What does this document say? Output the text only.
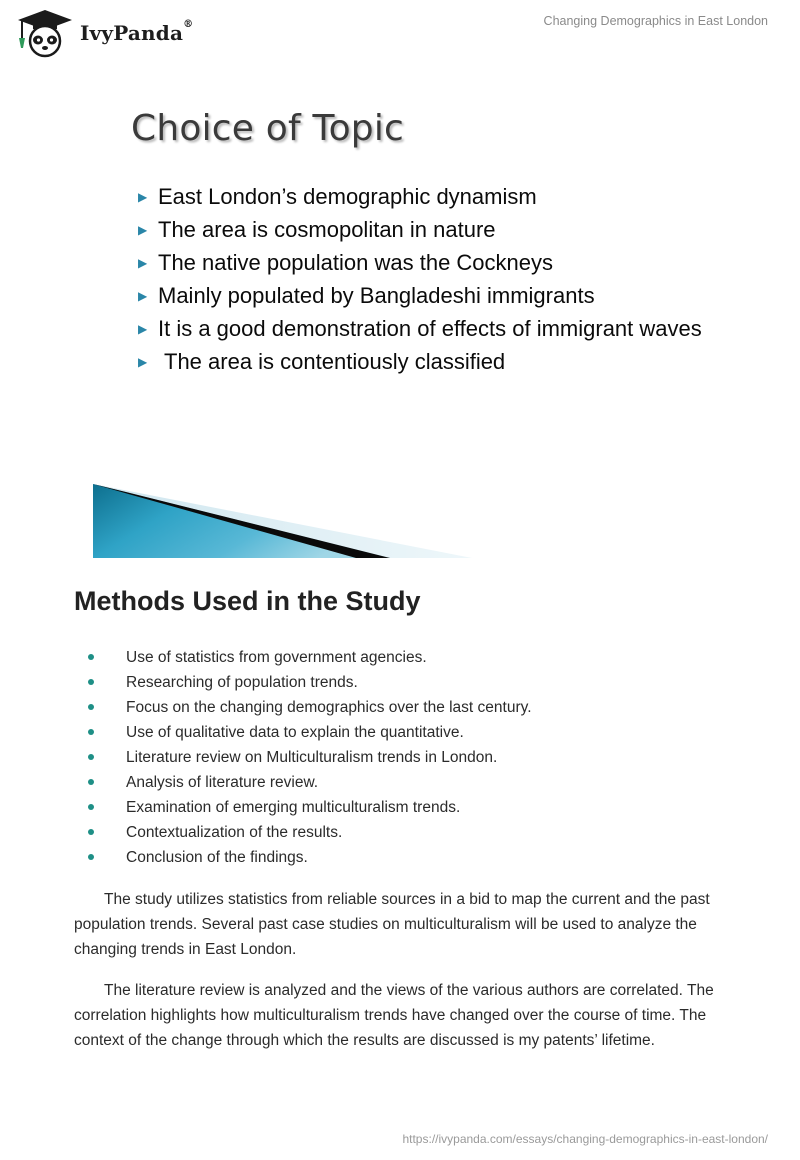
IvyPanda®	Changing Demographics in East London
Choice of Topic
▶ East London’s demographic dynamism
▶ The area is cosmopolitan in nature
▶ The native population was the Cockneys
▶ Mainly populated by Bangladeshi immigrants
▶ It is a good demonstration of effects of immigrant waves
▶ The area is contentiously classified
Methods Used in the Study
Use of statistics from government agencies.
Researching of population trends.
Focus on the changing demographics over the last century.
Use of qualitative data to explain the quantitative.
Literature review on Multiculturalism trends in London.
Analysis of literature review.
Examination of emerging multiculturalism trends.
Contextualization of the results.
Conclusion of the findings.

The study utilizes statistics from reliable sources in a bid to map the current and the past population trends. Several past case studies on multiculturalism will be used to analyze the changing trends in East London.

The literature review is analyzed and the views of the various authors are correlated. The correlation highlights how multiculturalism trends have changed over the course of time. The context of the change through which the results are discussed is my patents’ lifetime.

https://ivypanda.com/essays/changing-demographics-in-east-london/
